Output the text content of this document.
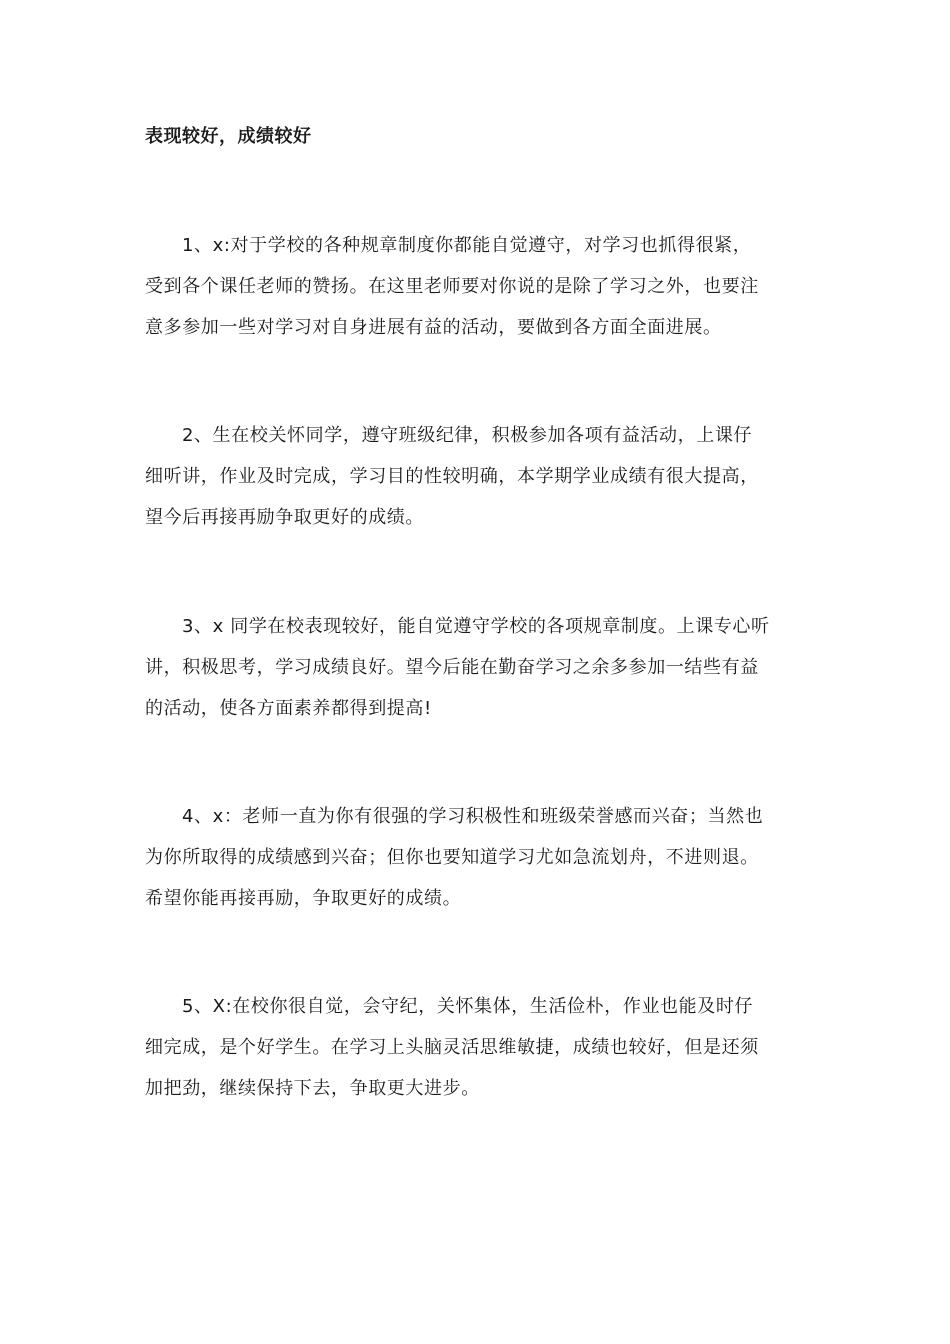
表现较好，成绩较好
1、x:对于学校的各种规章制度你都能自觉遵守，对学习也抓得很紧，
受到各个课任老师的赞扬。在这里老师要对你说的是除了学习之外，也要注
意多参加一些对学习对自身进展有益的活动，要做到各方面全面进展。
2、生在校关怀同学，遵守班级纪律，积极参加各项有益活动，上课仔
细听讲，作业及时完成，学习目的性较明确，本学期学业成绩有很大提高，
望今后再接再励争取更好的成绩。
3、x 同学在校表现较好，能自觉遵守学校的各项规章制度。上课专心听
讲，积极思考，学习成绩良好。望今后能在勤奋学习之余多参加一结些有益
的活动，使各方面素养都得到提高!
4、x：老师一直为你有很强的学习积极性和班级荣誉感而兴奋；当然也
为你所取得的成绩感到兴奋；但你也要知道学习尤如急流划舟，不进则退。
希望你能再接再励，争取更好的成绩。
5、X:在校你很自觉，会守纪，关怀集体，生活俭朴，作业也能及时仔
细完成，是个好学生。在学习上头脑灵活思维敏捷，成绩也较好，但是还须
加把劲，继续保持下去，争取更大进步。
